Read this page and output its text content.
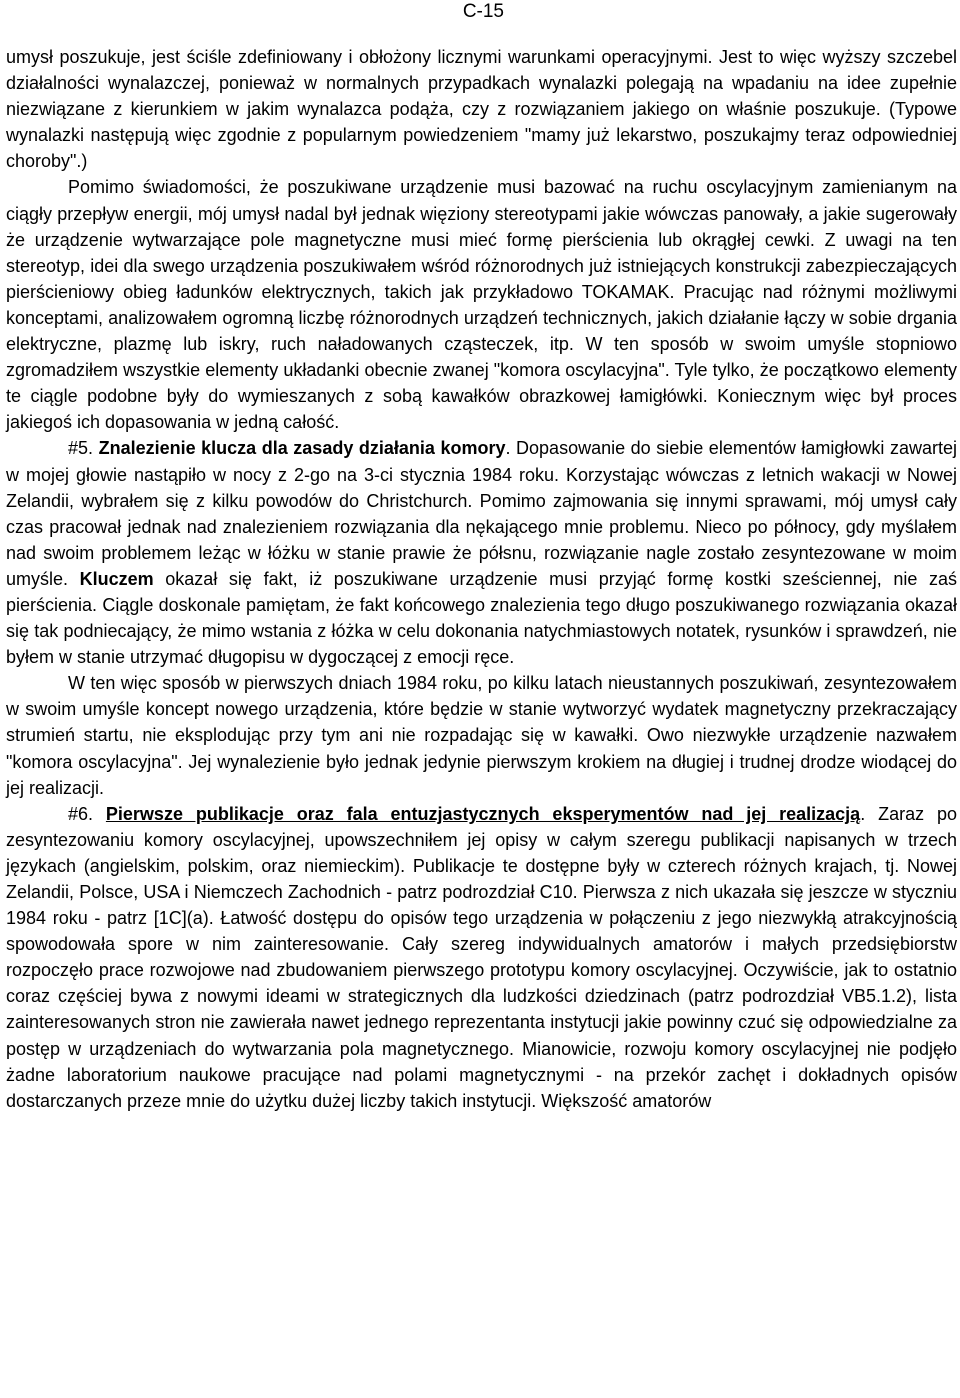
C-15

umysł poszukuje, jest ściśle zdefiniowany i obłożony licznymi warunkami operacyjnymi. Jest to więc wyższy szczebel działalności wynalazczej, ponieważ w normalnych przypadkach wynalazki polegają na wpadaniu na idee zupełnie niezwiązane z kierunkiem w jakim wynalazca podąża, czy z rozwiązaniem jakiego on właśnie poszukuje. (Typowe wynalazki następują więc zgodnie z popularnym powiedzeniem "mamy już lekarstwo, poszukajmy teraz odpowiedniej choroby".)

Pomimo świadomości, że poszukiwane urządzenie musi bazować na ruchu oscylacyjnym zamienianym na ciągły przepływ energii, mój umysł nadal był jednak więziony stereotypami jakie wówczas panowały, a jakie sugerowały że urządzenie wytwarzające pole magnetyczne musi mieć formę pierścienia lub okrągłej cewki. Z uwagi na ten stereotyp, idei dla swego urządzenia poszukiwałem wśród różnorodnych już istniejących konstrukcji zabezpieczających pierścieniowy obieg ładunków elektrycznych, takich jak przykładowo TOKAMAK. Pracując nad różnymi możliwymi konceptami, analizowałem ogromną liczbę różnorodnych urządzeń technicznych, jakich działanie łączy w sobie drgania elektryczne, plazmę lub iskry, ruch naładowanych cząsteczek, itp. W ten sposób w swoim umyśle stopniowo zgromadziłem wszystkie elementy układanki obecnie zwanej "komora oscylacyjna". Tyle tylko, że początkowo elementy te ciągle podobne były do wymieszanych z sobą kawałków obrazkowej łamigłówki. Koniecznym więc był proces jakiegoś ich dopasowania w jedną całość.

#5. Znalezienie klucza dla zasady działania komory. Dopasowanie do siebie elementów łamigłowki zawartej w mojej głowie nastąpiło w nocy z 2-go na 3-ci stycznia 1984 roku. Korzystając wówczas z letnich wakacji w Nowej Zelandii, wybrałem się z kilku powodów do Christchurch. Pomimo zajmowania się innymi sprawami, mój umysł cały czas pracował jednak nad znalezieniem rozwiązania dla nękającego mnie problemu. Nieco po północy, gdy myślałem nad swoim problemem leżąc w łóżku w stanie prawie że półsnu, rozwiązanie nagle zostało zesyntezowane w moim umyśle. Kluczem okazał się fakt, iż poszukiwane urządzenie musi przyjąć formę kostki sześciennej, nie zaś pierścienia. Ciągle doskonale pamiętam, że fakt końcowego znalezienia tego długo poszukiwanego rozwiązania okazał się tak podniecający, że mimo wstania z łóżka w celu dokonania natychmiastowych notatek, rysunków i sprawdzeń, nie byłem w stanie utrzymać długopisu w dygoczącej z emocji ręce.

W ten więc sposób w pierwszych dniach 1984 roku, po kilku latach nieustannych poszukiwań, zesyntezowałem w swoim umyśle koncept nowego urządzenia, które będzie w stanie wytworzyć wydatek magnetyczny przekraczający strumień startu, nie eksplodując przy tym ani nie rozpadając się w kawałki. Owo niezwykłe urządzenie nazwałem "komora oscylacyjna". Jej wynalezienie było jednak jedynie pierwszym krokiem na długiej i trudnej drodze wiodącej do jej realizacji.

#6. Pierwsze publikacje oraz fala entuzjastycznych eksperymentów nad jej realizacją. Zaraz po zesyntezowaniu komory oscylacyjnej, upowszechniłem jej opisy w całym szeregu publikacji napisanych w trzech językach (angielskim, polskim, oraz niemieckim). Publikacje te dostępne były w czterech różnych krajach, tj. Nowej Zelandii, Polsce, USA i Niemczech Zachodnich - patrz podrozdział C10. Pierwsza z nich ukazała się jeszcze w styczniu 1984 roku - patrz [1C](a). Łatwość dostępu do opisów tego urządzenia w połączeniu z jego niezwykłą atrakcyjnością spowodowała spore w nim zainteresowanie. Cały szereg indywidualnych amatorów i małych przedsiębiorstw rozpoczęło prace rozwojowe nad zbudowaniem pierwszego prototypu komory oscylacyjnej. Oczywiście, jak to ostatnio coraz częściej bywa z nowymi ideami w strategicznych dla ludzkości dziedzinach (patrz podrozdział VB5.1.2), lista zainteresowanych stron nie zawierała nawet jednego reprezentanta instytucji jakie powinny czuć się odpowiedzialne za postęp w urządzeniach do wytwarzania pola magnetycznego. Mianowicie, rozwoju komory oscylacyjnej nie podjęło żadne laboratorium naukowe pracujące nad polami magnetycznymi - na przekór zachęt i dokładnych opisów dostarczanych przeze mnie do użytku dużej liczby takich instytucji. Większość amatorów
